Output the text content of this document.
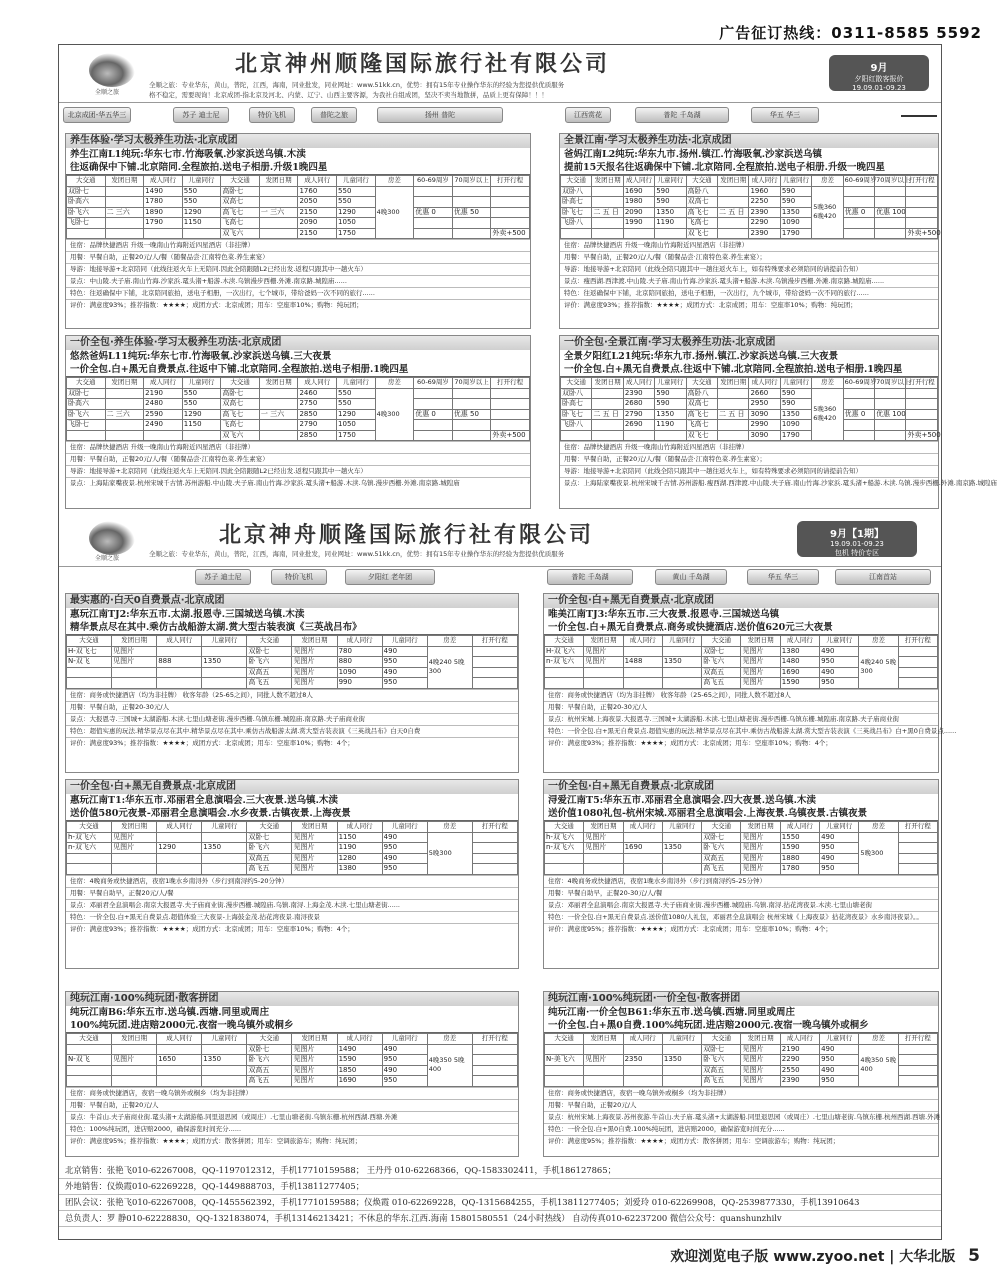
广告征订热线：0311-8585 5592
全顺之旅
北京神州顺隆国际旅行社有限公司
全顺之旅：专业华东，黄山，普陀，江西，海南，同业批发，同业网址：www.51kk.cn，优势：拥有15年专业操作华东的经验为您提供优质服务
格不稳定，需要现询！北京成团-指北京及河北、内蒙、辽宁、山西主要客源，为我社自组成团，坚决不卖当地散拼，品质上更有保障！！！
9月
夕阳红散客报价
19.09.01-09.23
北京成团-华五华三	苏子 迪士尼	特价飞机	普陀之旅	扬州 普陀	江西赏花	普陀 千岛湖	华五 华三
全顺之旅
北京神舟顺隆国际旅行社有限公司
全顺之旅：专业华东，黄山，普陀，江西，海南，同业批发，同业网址：www.51kk.cn，优势：拥有15年专业操作华东的经验为您提供优质服务
9月【1期】
19.09.01-09.23
包机 特价专区
苏子 迪士尼	特价飞机	夕阳红 老年团	普陀 千岛湖	黄山 千岛湖	华五 华三	江南首站
北京销售：张艳飞010-62267008，QQ-1197012312，手机17710159588； 王丹丹 010-62268366，QQ-1583302411，手机186127865；
外地销售：仪焕霞010-62269228，QQ-1449888703，手机13811277405；
团队会议：张艳飞010-62267008，QQ-1455562392，手机17710159588；仪焕霞 010-62269228，QQ-1315684255，手机13811277405；刘爱玲 010-62269908，QQ-2539877330，手机13910643
总负责人：罗 静010-62228830，QQ-1321838074，手机13146213421；不休息的华东.江西.海南 15801580551（24小时热线） 自动传真010-62237200 微信公众号：quanshunzhilv
养生体验·学习太极养生功法·北京成团
养生江南L1纯玩:华东七市.竹海吸氧.沙家浜送乌镇.木渎
往返确保中下铺.北京陪同.全程旅拍.送电子相册.升级1晚四星
大交通	发团日期	成人同行	儿童同行	大交通	发团日期	成人同行	儿童同行	房差	60-69周岁	70周岁以上	打开行程
双卧七		1490	550	高卧七		1760	550	4晚300			
卧高六		1780	550	双高七		2050	550				
卧飞六	二 三六	1890	1290	高飞七	一 三六	2150	1290		优惠 0	优惠 50	
飞卧七		1790	1150	飞高七		2090	1050				
				双飞六		2150	1750				外卖+500
住宿：品牌快捷酒店 升级一晚南山竹海附近四星酒店（非挂牌）
用餐：早餐自助，正餐20元/人/餐（随餐品尝·江南特色菜.养生素宴）
导游：地接导游+北京陪同（此线往返火车上无陪同.因此全陪跟随L2已经出发.返程只跟其中一趟火车）
景点：中山陵.夫子庙.南山竹海.沙家浜.鼋头渚+船游.木渎.乌镇漫步西栅.外滩.南京路.城隍庙......
特色：往返确保中下铺，北京陪同旅拍，送电子相册，一次出行，七个城市，带给爸妈一次不同的旅行......
评价：满意度93%；推荐指数：★★★★；成团方式：北京成团；用车：空座率10%；购物：纯玩团；
全景江南·学习太极养生功法·北京成团
爸妈江南L2纯玩:华东九市.扬州.镇江.竹海吸氧.沙家浜送乌镇
提前15天报名往返确保中下铺.北京陪同.全程旅拍.送电子相册.升级一晚四星
大交通	发团日期	成人同行	儿童同行	大交通	发团日期	成人同行	儿童同行	房差	60-69周岁	70周岁以上	打开行程
双卧八		1690	590	高卧八		1960	590	5晚360 6晚420			
卧高七		1980	590	双高七		2250	590				
卧飞七	二 五 日	2090	1350	高飞七	二 五 日	2390	1350		优惠 0	优惠 100	
飞卧八		1990	1190	飞高七		2290	1090				
				双飞七		2390	1790				外卖+500
住宿：品牌快捷酒店 升级一晚南山竹海附近四星酒店（非挂牌）
用餐：早餐自助，正餐20元/人/餐（随餐品尝·江南特色菜.养生素宴）；
导游：地接导游+北京陪同（此线全陪只跟其中一趟往返火车上，如有特殊要求必须陪同的请提前告知）
景点：瘦西湖.西津渡.中山陵.夫子庙.南山竹海.沙家浜.鼋头渚+船游.木渎.乌镇漫步西栅.外滩.南京路.城隍庙......
特色：往返确保中下铺，北京陪同旅拍，送电子相册，一次出行，九个城市，带给爸妈一次不同的旅行......
评价：满意度93%；推荐指数：★★★★；成团方式：北京成团；用车：空座率10%；购物：纯玩团；
一价全包·养生体验·学习太极养生功法·北京成团
悠然爸妈L11纯玩:华东七市.竹海吸氧.沙家浜送乌镇.三大夜景
一价全包.白+黑无自费景点.往返中下铺.北京陪同.全程旅拍.送电子相册.1晚四星
大交通	发团日期	成人同行	儿童同行	大交通	发团日期	成人同行	儿童同行	房差	60-69周岁	70周岁以上	打开行程
双卧七		2190	550	高卧七		2460	550	4晚300			
卧高六		2480	550	双高七		2750	550				
卧飞六	二 三六	2590	1290	高飞七	一 三六	2850	1290		优惠 0	优惠 50	
飞卧七		2490	1150	飞高七		2790	1050				
				双飞六		2850	1750				外卖+500
住宿：品牌快捷酒店 升级一晚南山竹海附近四星酒店（非挂牌）
用餐：早餐自助，正餐20元/人/餐（随餐品尝·江南特色菜.养生素宴）
导游：地接导游+北京陪同（此线往返火车上无陪同.因此全陪跟随L2已经出发.返程只跟其中一趟火车）
景点：上海陆家嘴夜景.杭州宋城千古情.苏州游船.中山陵.夫子庙.南山竹海.沙家浜.鼋头渚+船游.木渎.乌镇.漫步西栅.外滩.南京路.城隍庙
一价全包·全景江南·学习太极养生功法·北京成团
全景夕阳红L21纯玩:华东九市.扬州.镇江.沙家浜送乌镇.三大夜景
一价全包.白+黑无自费景点.往返中下铺.北京陪同.全程旅拍.送电子相册.1晚四星
大交通	发团日期	成人同行	儿童同行	大交通	发团日期	成人同行	儿童同行	房差	60-69周岁	70周岁以上	打开行程
双卧八		2390	590	高卧八		2660	590	5晚360 6晚420			
卧高七		2680	590	双高七		2950	590				
卧飞七	二 五 日	2790	1350	高飞七	二 五 日	3090	1350		优惠 0	优惠 100	
飞卧八		2690	1190	飞高七		2990	1090				
				双飞七		3090	1790				外卖+500
住宿：品牌快捷酒店 升级一晚南山竹海附近四星酒店（非挂牌）
用餐：早餐自助，正餐20元/人/餐（随餐品尝·江南特色菜.养生素宴）；
导游：地接导游+北京陪同（此线全陪只跟其中一趟往返火车上，如有特殊要求必须陪同的请提前告知）
景点：上海陆家嘴夜景.杭州宋城千古情.苏州游船.瘦西湖.西津渡.中山陵.夫子庙.南山竹海.沙家浜.鼋头渚+船游.木渎.乌镇.漫步西栅.外滩.南京路.城隍庙
最实惠的·白天0自费景点·北京成团
惠玩江南TJ2:华东五市.太湖.报恩寺.三国城送乌镇.木渎
精华景点尽在其中.乘仿古战船游太湖.赏大型古装表演《三英战吕布》
大交通	发团日期	成人同行	儿童同行	大交通	发团日期	成人同行	儿童同行	房差	打开行程
H-双飞七	见图片			双卧七	见图片	780	490	4晚240 5晚300	
N-双飞	见图片	888	1350	卧飞六	见图片	880	950		
				双高五	见图片	1090	490		
				高飞五	见图片	990	950		
住宿：商务或快捷酒店（均为非挂牌） 收客年龄（25-65之间），同批人数不超过8人
用餐：早餐自助，正餐20-30元/人
景点：大报恩寺.三国城+太湖游船.木渎.七里山塘老街.漫步西栅.乌镇东栅.城隍庙.南京路.夫子庙商业街
特色：超值实惠的玩法.精华景点尽在其中.精华景点尽在其中.乘仿古战船游太湖.赏大型古装表演《三英战吕布》白天0自费
评价：满意度93%；推荐指数：★★★★；成团方式：北京成团；用车：空座率10%；购物：4个；
一价全包·白+黑无自费景点·北京成团
唯美江南TJ3:华东五市.三大夜景.报恩寺.三国城送乌镇
一价全包.白+黑无自费景点.商务或快捷酒店.送价值620元三大夜景
大交通	发团日期	成人同行	儿童同行	大交通	发团日期	成人同行	儿童同行	房差	打开行程
H-双飞六	见图片			双卧七	见图片	1380	490	4晚240 5晚300	
n-双飞六	见图片	1488	1350	卧飞六	见图片	1480	950		
				双高五	见图片	1690	490		
				高飞五	见图片	1590	950		
住宿：商务或快捷酒店（均为非挂牌） 收客年龄（25-65之间），同批人数不超过8人
用餐：早餐自助，正餐20-30元/人
景点：杭州宋城.上海夜景.大报恩寺.三国城+太湖游船.木渎.七里山塘老街.漫步西栅.乌镇东栅.城隍庙.南京路.夫子庙商业街
特色：一价全包.白+黑无自费景点.超值实惠的玩法.精华景点尽在其中.乘仿古战船游太湖.赏大型古装表演《三英战吕布》白+黑0自费景点......
评价：满意度93%；推荐指数：★★★★；成团方式：北京成团；用车：空座率10%；购物：4个；
一价全包·白+黑无自费景点·北京成团
惠玩江南T1:华东五市.邓丽君全息演唱会.三大夜景.送乌镇.木渎
送价值580元夜景-邓丽君全息演唱会.水乡夜景.古镇夜景.上海夜景
大交通	发团日期	成人同行	儿童同行	大交通	发团日期	成人同行	儿童同行	房差	打开行程
h-双飞六	见图片			双卧七	见图片	1150	490	5晚300	
n-双飞六	见图片	1290	1350	卧飞六	见图片	1190	950		
				双高五	见图片	1280	490		
				高飞五	见图片	1380	950		
住宿：4晚商务或快捷酒店，夜宿1晚水乡南浔外（步行到南浔约5-20分钟）
用餐：早餐自助早，正餐20元/人/餐
景点：邓丽君全息演唱会.南京大报恩寺.夫子庙商业街.漫步西栅.城隍庙.乌镇.南浔.上海金茂.木渎.七里山塘老街......
特色：一价全包.白+黑无自费景点.超值体验三大夜景-上海鼓金茂.拈花湾夜景.南浔夜景
评价：满意度93%；推荐指数：★★★★；成团方式：北京成团；用车：空座率10%；购物：4个；
一价全包·白+黑无自费景点·北京成团
浔爱江南T5:华东五市.邓丽君全息演唱会.四大夜景.送乌镇.木渎
送价值1080礼包-杭州宋城.邓丽君全息演唱会.上海夜景.乌镇夜景.古镇夜景
大交通	发团日期	成人同行	儿童同行	大交通	发团日期	成人同行	儿童同行	房差	打开行程
h-双飞六	见图片			双卧七	见图片	1550	490	5晚300	
n-双飞六	见图片	1690	1350	卧飞六	见图片	1590	950		
				双高五	见图片	1880	490		
				高飞五	见图片	1780	950		
住宿：4晚商务或快捷酒店，夜宿1晚水乡南浔外（步行到南浔约5-25分钟）
用餐：早餐自助早，正餐20-30元/人/餐
景点：邓丽君全息演唱会.南京大报恩寺.夫子庙商业街.漫步西栅.城隍庙.乌镇.南浔.拈花湾夜景.木渎.七里山塘老街
特色：一价全包.白+黑无自费景点.送价值1080/人礼包，邓丽君全息演唱会 杭州宋城《上海夜景》拈花湾夜景》水乡南浔夜景》。。
评价：满意度95%；推荐指数：★★★★；成团方式：北京成团；用车：空座率10%；购物：4个；
纯玩江南·100%纯玩团·散客拼团
纯玩江南B6:华东五市.送乌镇.西塘.同里或周庄
100%纯玩团.进店赔2000元.夜宿一晚乌镇外或桐乡
大交通	发团日期	成人同行	儿童同行	大交通	发团日期	成人同行	儿童同行	房差	打开行程
				双卧七	见图片	1490	490	4晚350 5晚400	
N-双飞	见图片	1650	1350	卧飞六	见图片	1590	950		
				双高五	见图片	1850	490		
				高飞五	见图片	1690	950		
住宿：商务或快捷酒店，夜宿一晚乌镇外或桐乡（均为非挂牌）
用餐：早餐自助，正餐20元/人
景点：牛首山.夫子庙商业街.鼋头渚+太湖游船.同里退思园（或周庄）.七里山塘老街.乌镇东栅.杭州西湖.西塘.外滩
特色：100%纯玩团，进店赔2000，确保游览时间充分......
评价：满意度95%；推荐指数：★★★★；成团方式：散客拼团；用车：空调旅游车；购物：纯玩团；
纯玩江南·100%纯玩团·一价全包·散客拼团
纯玩江南·一价全包B61:华东五市.送乌镇.西塘.同里或周庄
一价全包.白+黑0自费.100%纯玩团.进店赔2000元.夜宿一晚乌镇外或桐乡
大交通	发团日期	成人同行	儿童同行	大交通	发团日期	成人同行	儿童同行	房差	打开行程
				双卧七	见图片	2190	490	4晚350 5晚400	
N-美飞六	见图片	2350	1350	卧飞六	见图片	2290	950		
				双高五	见图片	2550	490		
				高飞五	见图片	2390	950		
住宿：商务或快捷酒店，夜宿一晚乌镇外或桐乡（均为非挂牌）
用餐：早餐自助，正餐20元/人
景点：杭州宋城.上海夜景.苏州夜游.牛首山.夫子庙.鼋头渚+太湖游船.同里退思园（或周庄）.七里山塘老街.乌镇东栅.杭州西湖.西塘.外滩
特色：一价全包.白+黑0自费.100%纯玩团，进店赔2000，确保游览时间充分......
评价：满意度95%；推荐指数：★★★★；成团方式：散客拼团；用车：空调旅游车；购物：纯玩团；
欢迎浏览电子版 www.zyoo.net | 大华北版 5
